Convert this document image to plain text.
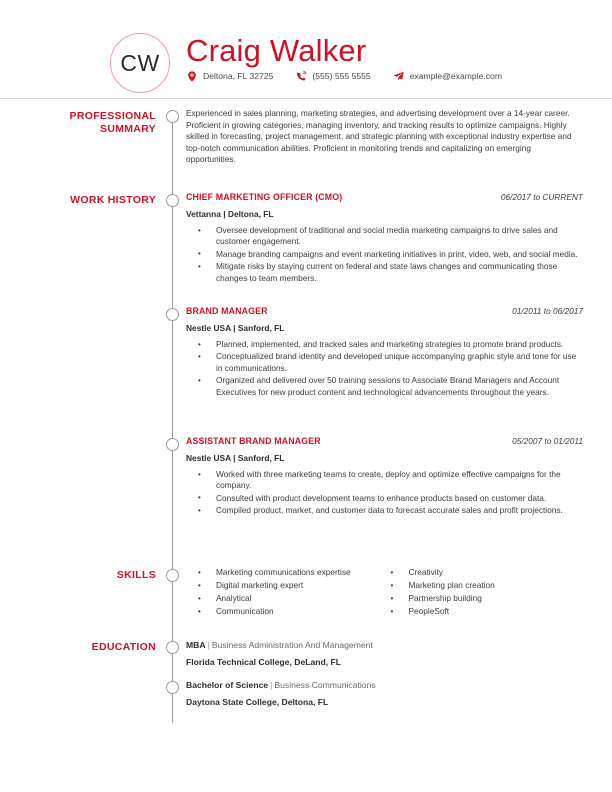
CW Craig Walker
Deltona, FL 32725	(555) 555 5555	example@example.com
PROFESSIONAL
SUMMARY
Experienced in sales planning, marketing strategies, and advertising development over a 14-year career. Proficient in growing categories, managing inventory, and tracking results to optimize campaigns. Highly skilled in forecasting, project management, and strategic planning with exceptional industry expertise and top-notch communication abilities. Proficient in monitoring trends and capitalizing on emerging opportunities.
WORK HISTORY	CHIEF MARKETING OFFICER (CMO)	06/2017 to CURRENT
Vettanna | Deltona, FL
• Oversee development of traditional and social media marketing campaigns to drive sales and customer engagement.
• Manage branding campaigns and event marketing initiatives in print, video, web, and social media.
• Mitigate risks by staying current on federal and state laws changes and communicating those changes to team members.
BRAND MANAGER	01/2011 to 06/2017
Nestle USA | Sanford, FL
• Planned, implemented, and tracked sales and marketing strategies to promote brand products.
• Conceptualized brand identity and developed unique accompanying graphic style and tone for use in communications.
• Organized and delivered over 50 training sessions to Associate Brand Managers and Account Executives for new product content and technological advancements throughout the years.
ASSISTANT BRAND MANAGER	05/2007 to 01/2011
Nestle USA | Sanford, FL
• Worked with three marketing teams to create, deploy and optimize effective campaigns for the company.
• Consulted with product development teams to enhance products based on customer data.
• Compiled product, market, and customer data to forecast accurate sales and profit projections.
SKILLS	• Marketing communications expertise
• Digital marketing expert
• Analytical
• Communication
• Creativity
• Marketing plan creation
• Partnership building
• PeopleSoft
EDUCATION	MBA | Business Administration And Management
Florida Technical College, DeLand, FL
Bachelor of Science | Business Communications
Daytona State College, Deltona, FL
